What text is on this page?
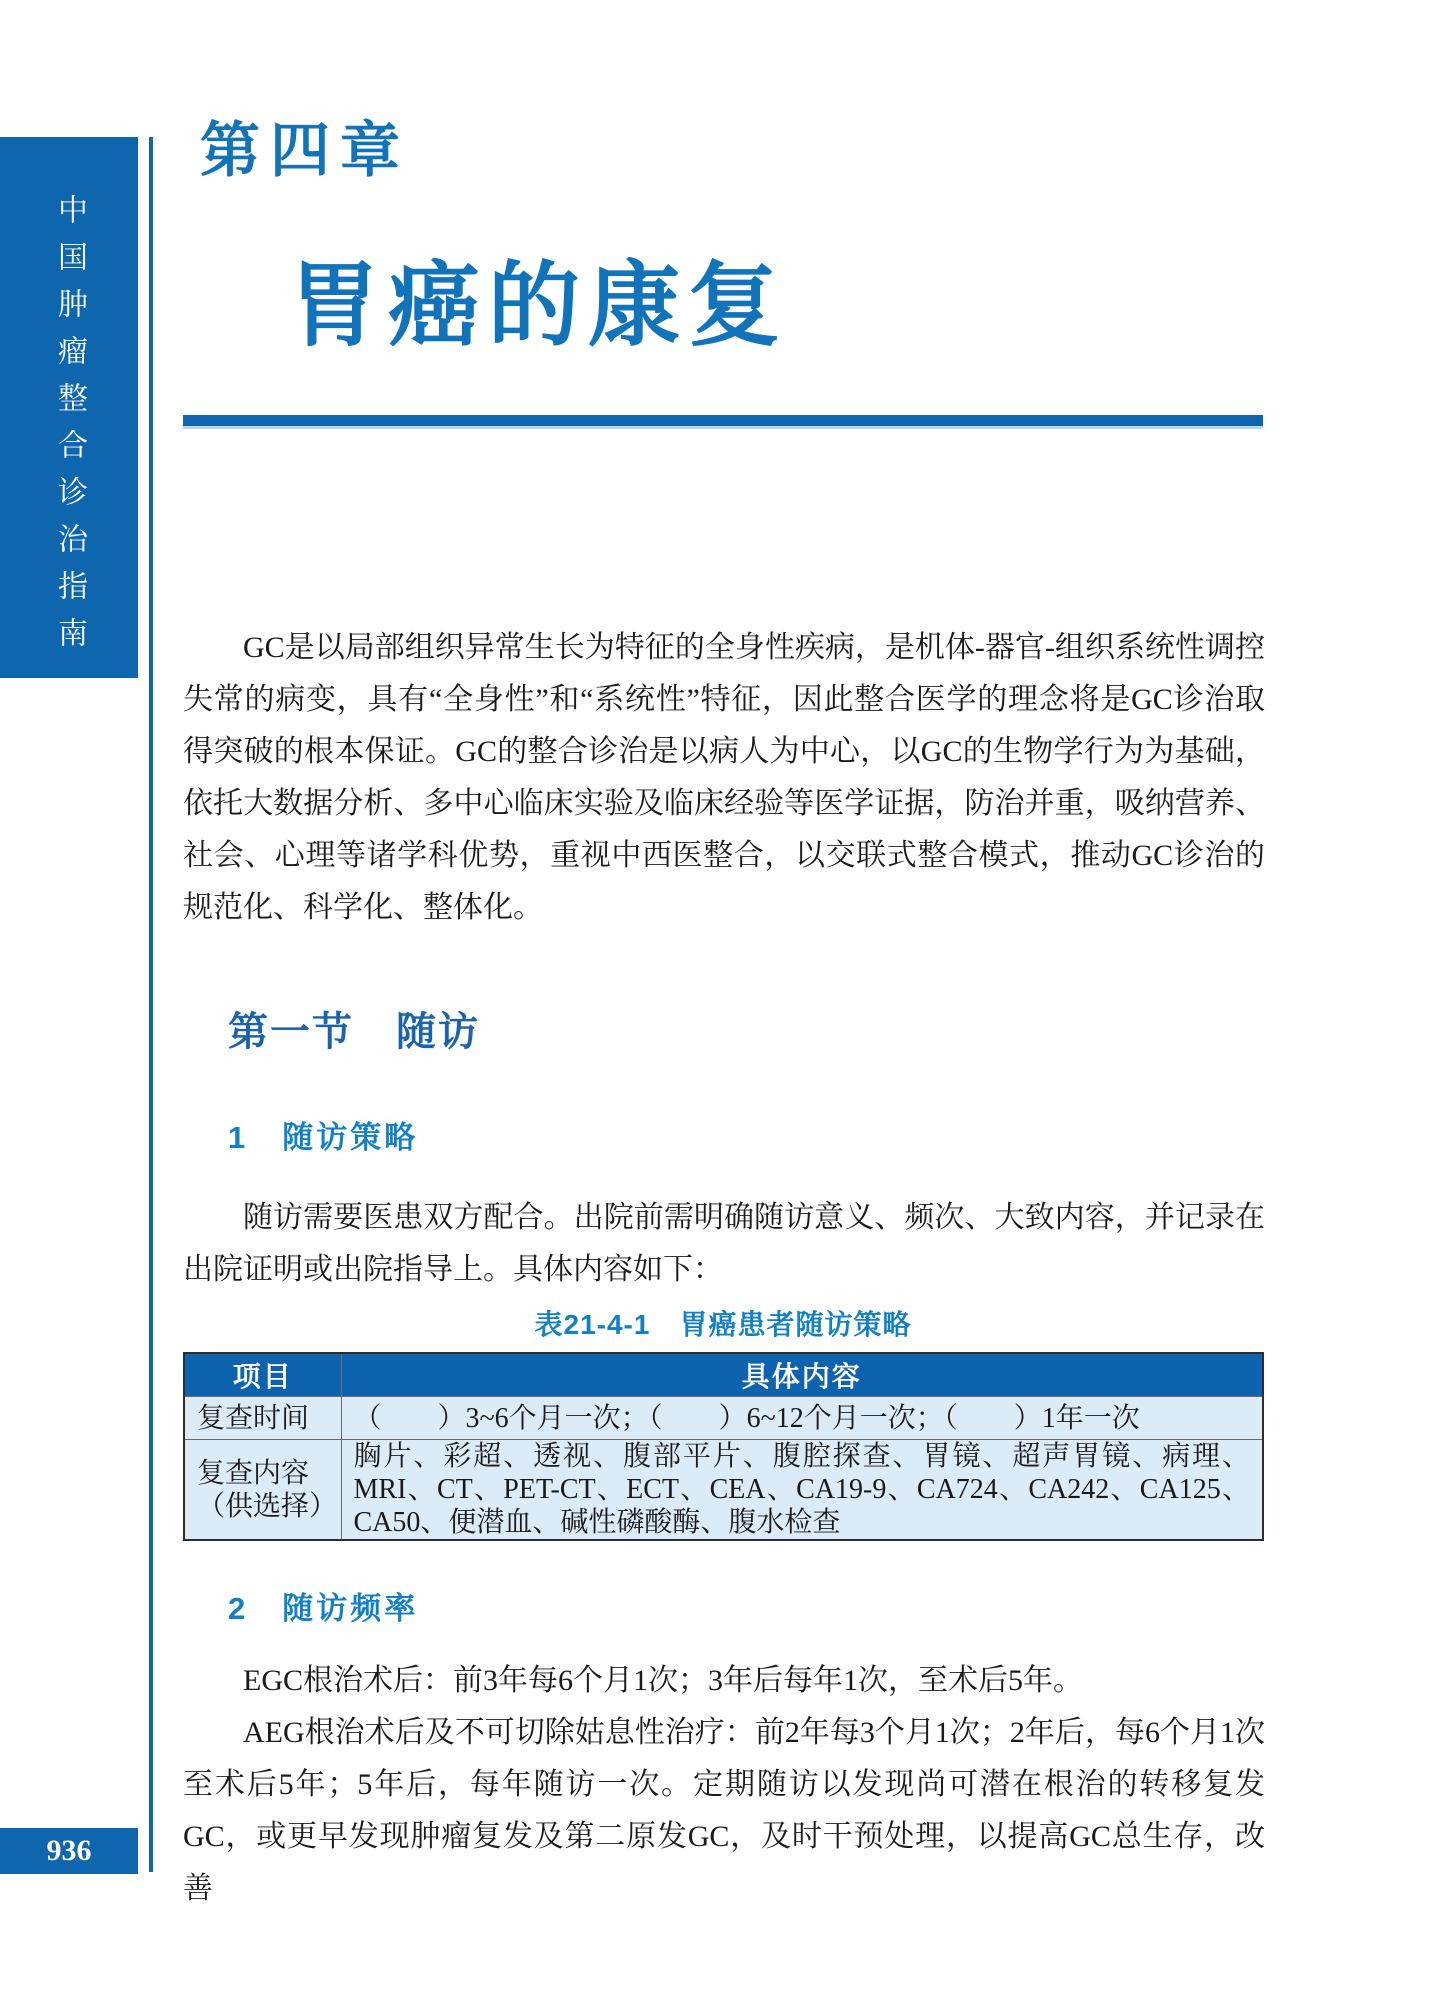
中国肿瘤整合诊治指南
936
第四章
胃癌的康复
GC是以局部组织异常生长为特征的全身性疾病，是机体-器官-组织系统性调控失常的病变，具有“全身性”和“系统性”特征，因此整合医学的理念将是GC诊治取得突破的根本保证。GC的整合诊治是以病人为中心，以GC的生物学行为为基础，依托大数据分析、多中心临床实验及临床经验等医学证据，防治并重，吸纳营养、社会、心理等诸学科优势，重视中西医整合，以交联式整合模式，推动GC诊治的规范化、科学化、整体化。
第一节　随访
1　随访策略
随访需要医患双方配合。出院前需明确随访意义、频次、大致内容，并记录在出院证明或出院指导上。具体内容如下：
表21-4-1　胃癌患者随访策略
项目	具体内容
复查时间	（　　）3~6个月一次；（　　）6~12个月一次；（　　）1年一次

复查内容
（供选择）	胸片、彩超、透视、腹部平片、腹腔探查、胃镜、超声胃镜、病理、MRI、CT、PET-CT、ECT、CEA、CA19-9、CA724、CA242、CA125、CA50、便潜血、碱性磷酸酶、腹水检查
2　随访频率
EGC根治术后：前3年每6个月1次；3年后每年1次，至术后5年。
AEG根治术后及不可切除姑息性治疗：前2年每3个月1次；2年后，每6个月1次至术后5年；5年后，每年随访一次。定期随访以发现尚可潜在根治的转移复发GC，或更早发现肿瘤复发及第二原发GC，及时干预处理，以提高GC总生存，改善
